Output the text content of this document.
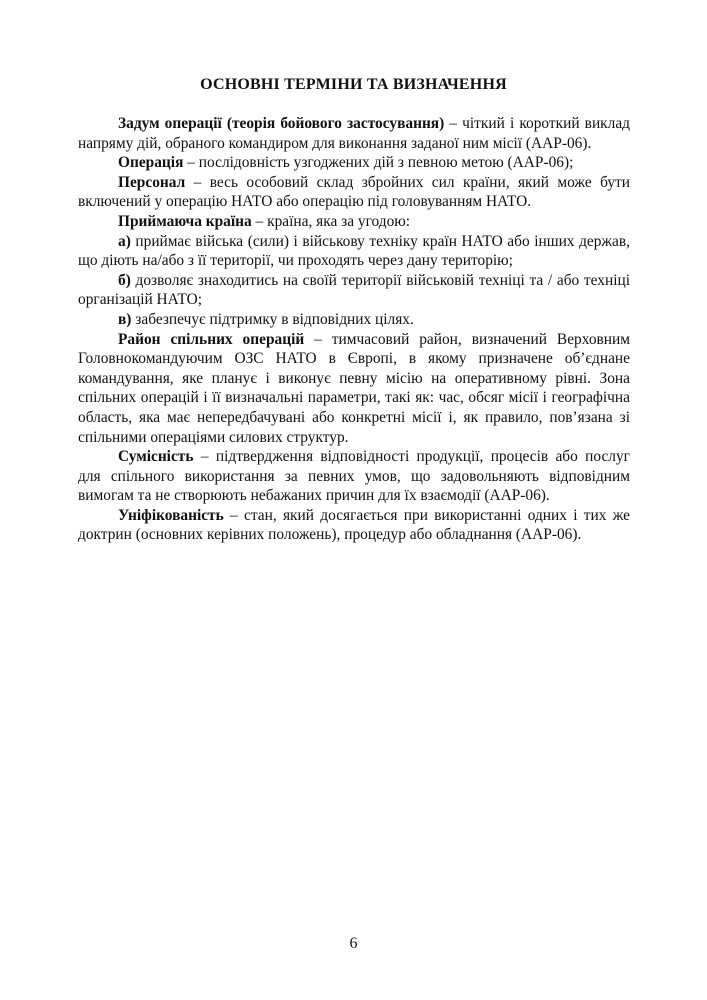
ОСНОВНІ ТЕРМІНИ ТА ВИЗНАЧЕННЯ

Задум операції (теорія бойового застосування) – чіткий і короткий виклад напряму дій, обраного командиром для виконання заданої ним місії (AAP-06).

Операція – послідовність узгоджених дій з певною метою (AAP-06);

Персонал – весь особовий склад збройних сил країни, який може бути включений у операцію НАТО або операцію під головуванням НАТО.

Приймаюча країна – країна, яка за угодою:

а) приймає війська (сили) і військову техніку країн НАТО або інших держав, що діють на/або з її території, чи проходять через дану територію;

б) дозволяє знаходитись на своїй території військовій техніці та / або техніці організацій НАТО;

в) забезпечує підтримку в відповідних цілях.

Район спільних операцій – тимчасовий район, визначений Верховним Головнокомандуючим ОЗС НАТО в Європі, в якому призначене об’єднане командування, яке планує і виконує певну місію на оперативному рівні. Зона спільних операцій і її визначальні параметри, такі як: час, обсяг місії і географічна область, яка має непередбачувані або конкретні місії і, як правило, пов’язана зі спільними операціями силових структур.

Сумісність – підтвердження відповідності продукції, процесів або послуг для спільного використання за певних умов, що задовольняють відповідним вимогам та не створюють небажаних причин для їх взаємодії (AAP-06).

Уніфікованість – стан, який досягається при використанні одних і тих же доктрин (основних керівних положень), процедур або обладнання (AAP-06).

6
